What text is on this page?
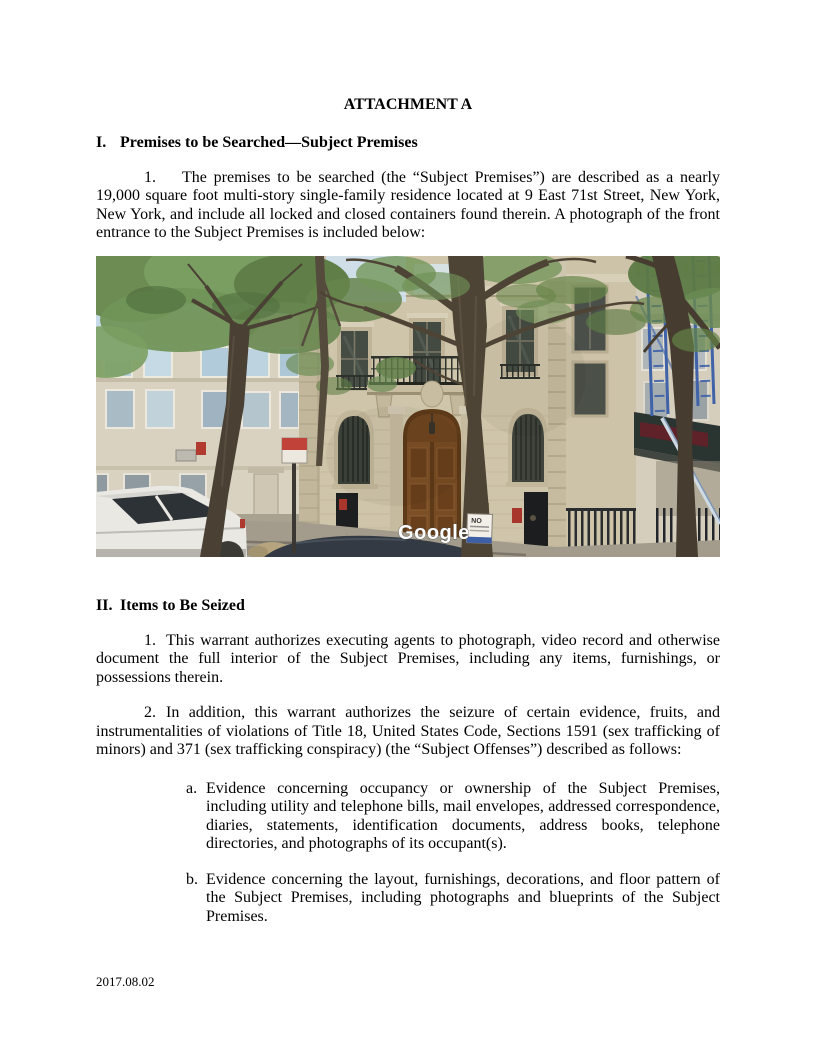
ATTACHMENT A
I. Premises to be Searched—Subject Premises

1. The premises to be searched (the “Subject Premises”) are described as a nearly 19,000 square foot multi-story single-family residence located at 9 East 71st Street, New York, New York, and include all locked and closed containers found therein. A photograph of the front entrance to the Subject Premises is included below:

NO
Google
II. Items to Be Seized

1. This warrant authorizes executing agents to photograph, video record and otherwise document the full interior of the Subject Premises, including any items, furnishings, or possessions therein.

2. In addition, this warrant authorizes the seizure of certain evidence, fruits, and instrumentalities of violations of Title 18, United States Code, Sections 1591 (sex trafficking of minors) and 371 (sex trafficking conspiracy) (the “Subject Offenses”) described as follows:

a. Evidence concerning occupancy or ownership of the Subject Premises, including utility and telephone bills, mail envelopes, addressed correspondence, diaries, statements, identification documents, address books, telephone directories, and photographs of its occupant(s).
b. Evidence concerning the layout, furnishings, decorations, and floor pattern of the Subject Premises, including photographs and blueprints of the Subject Premises.
2017.08.02
